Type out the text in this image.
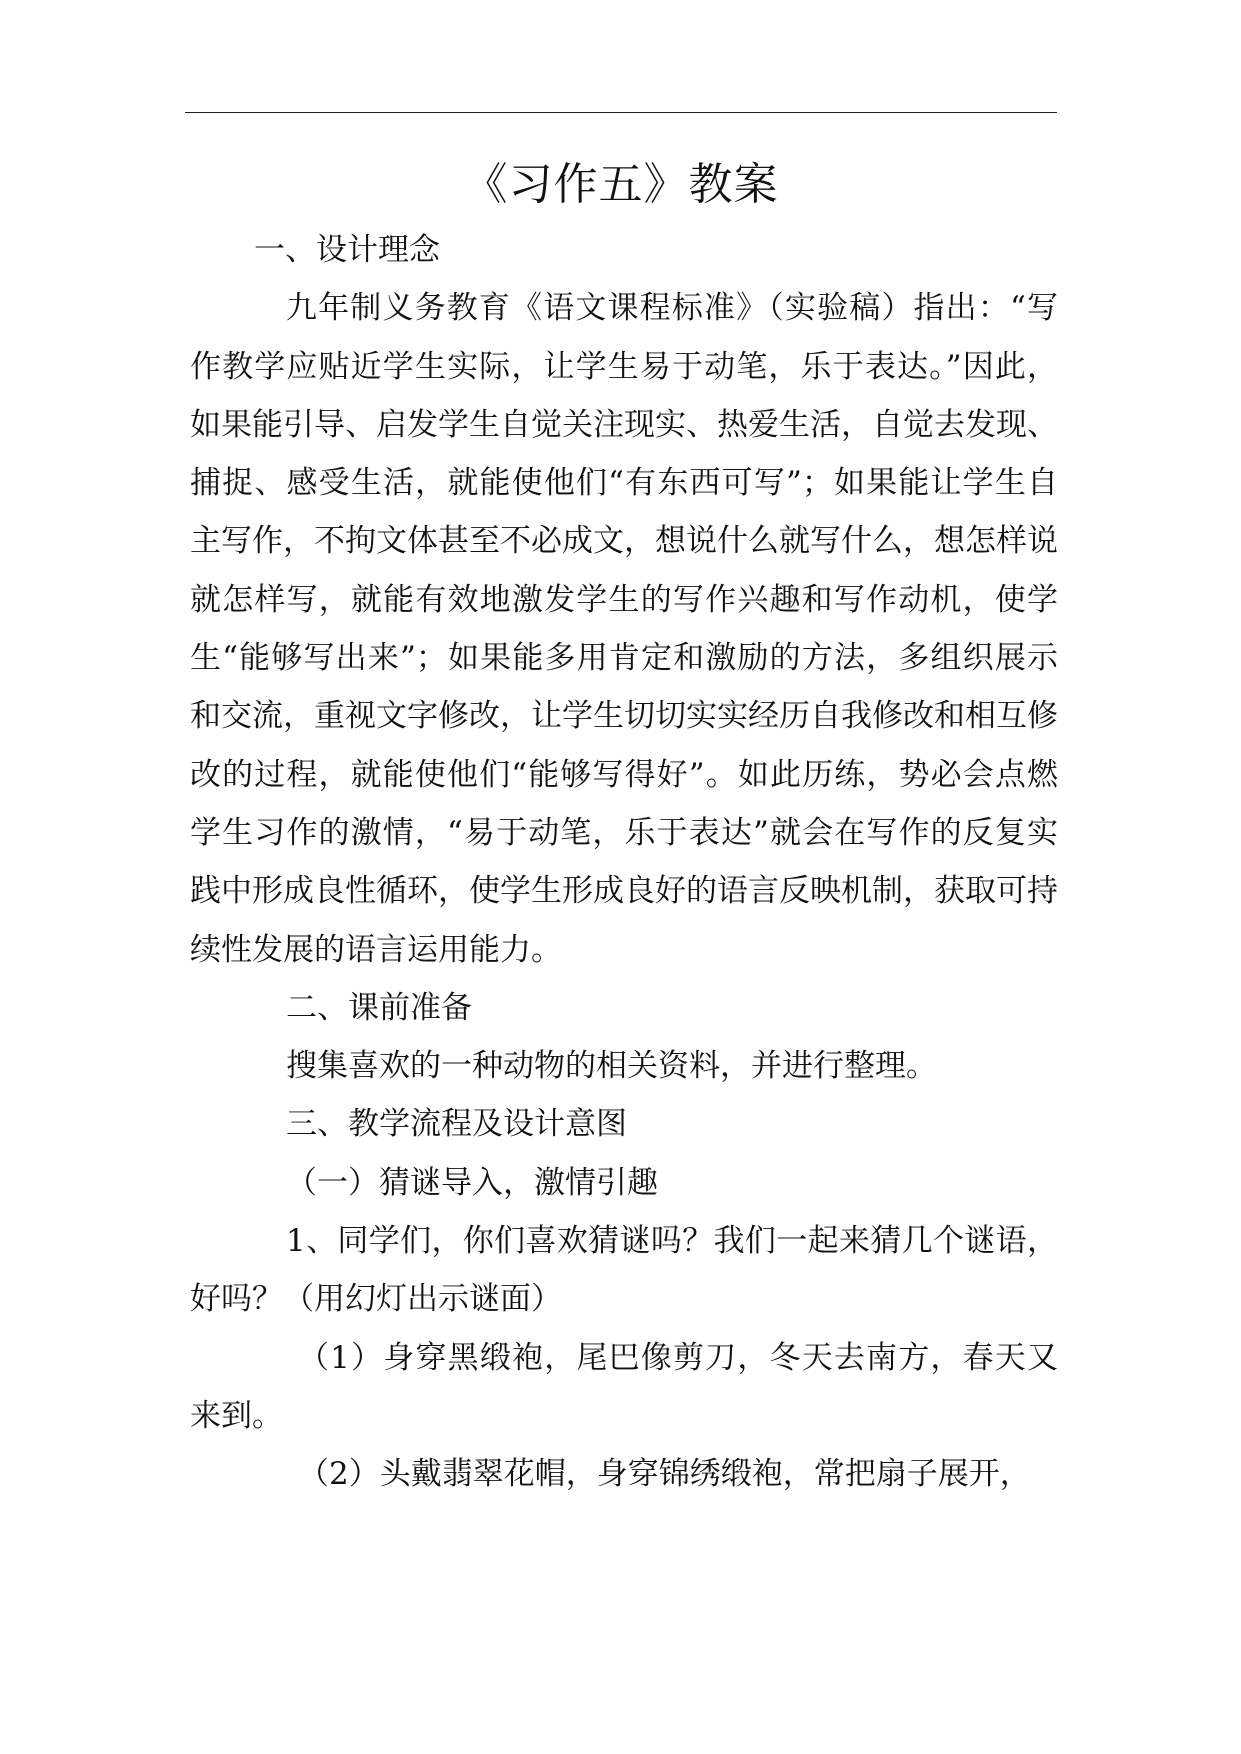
《习作五》教案

一、设计理念

九年制义务教育《语文课程标准》（实验稿）指出：“写作教学应贴近学生实际，让学生易于动笔，乐于表达。”因此，如果能引导、启发学生自觉关注现实、热爱生活，自觉去发现、捕捉、感受生活，就能使他们“有东西可写”；如果能让学生自主写作，不拘文体甚至不必成文，想说什么就写什么，想怎样说就怎样写，就能有效地激发学生的写作兴趣和写作动机，使学生“能够写出来”；如果能多用肯定和激励的方法，多组织展示和交流，重视文字修改，让学生切切实实经历自我修改和相互修改的过程，就能使他们“能够写得好”。如此历练，势必会点燃学生习作的激情，“易于动笔，乐于表达”就会在写作的反复实践中形成良性循环，使学生形成良好的语言反映机制，获取可持续性发展的语言运用能力。

二、课前准备

搜集喜欢的一种动物的相关资料，并进行整理。

三、教学流程及设计意图

（一）猜谜导入，激情引趣

1、同学们，你们喜欢猜谜吗？我们一起来猜几个谜语，好吗？（用幻灯出示谜面）

（1）身穿黑缎袍，尾巴像剪刀，冬天去南方，春天又来到。

（2）头戴翡翠花帽，身穿锦绣缎袍，常把扇子展开，
